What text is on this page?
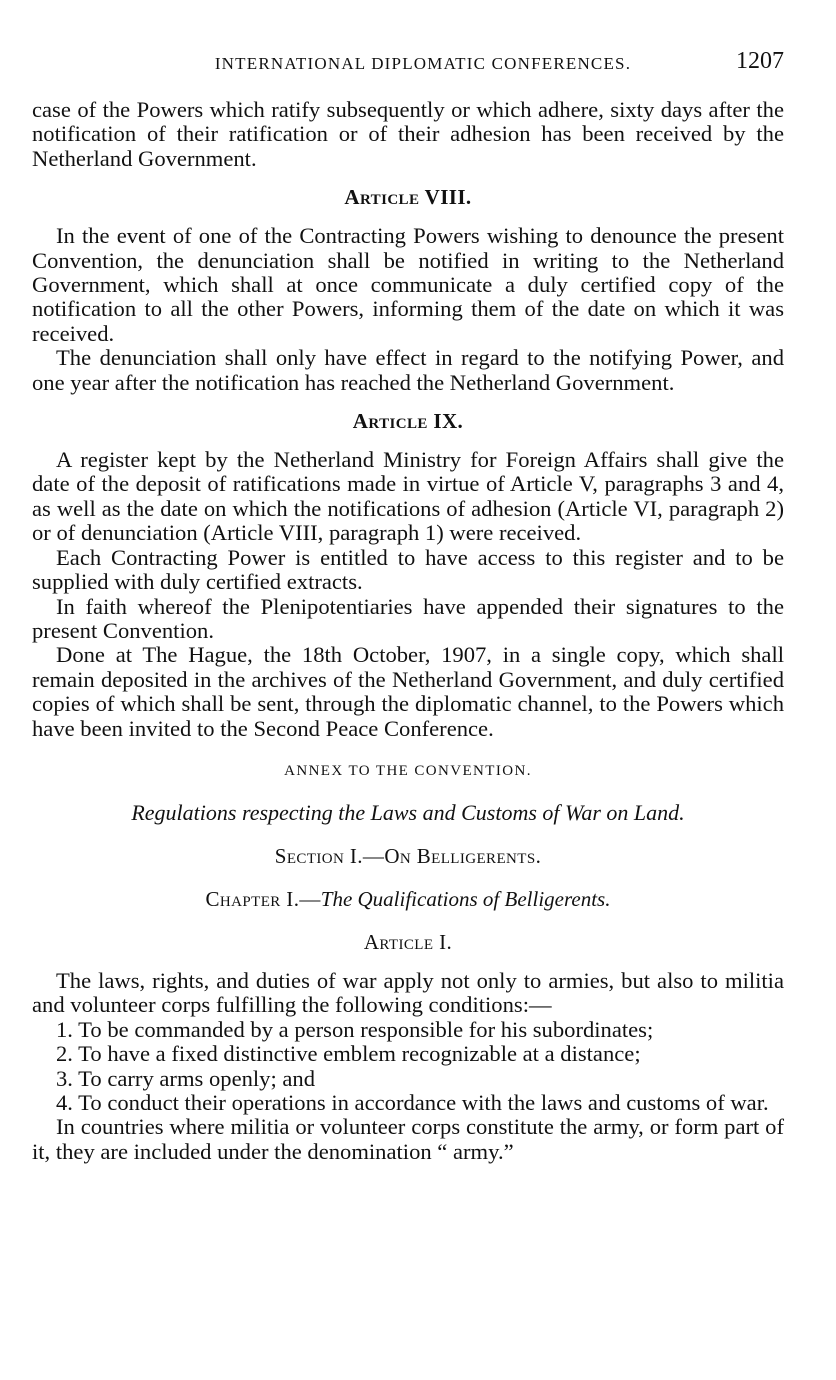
INTERNATIONAL DIPLOMATIC CONFERENCES.	1207

case of the Powers which ratify subsequently or which adhere, sixty days after the notification of their ratification or of their adhesion has been received by the Netherland Government.

Article VIII.

In the event of one of the Contracting Powers wishing to denounce the present Convention, the denunciation shall be notified in writing to the Netherland Government, which shall at once communicate a duly certified copy of the notification to all the other Powers, informing them of the date on which it was received.

The denunciation shall only have effect in regard to the notifying Power, and one year after the notification has reached the Netherland Government.

Article IX.

A register kept by the Netherland Ministry for Foreign Affairs shall give the date of the deposit of ratifications made in virtue of Article V, paragraphs 3 and 4, as well as the date on which the notifications of adhesion (Article VI, paragraph 2) or of denunciation (Article VIII, paragraph 1) were received.

Each Contracting Power is entitled to have access to this register and to be supplied with duly certified extracts.

In faith whereof the Plenipotentiaries have appended their signatures to the present Convention.

Done at The Hague, the 18th October, 1907, in a single copy, which shall remain deposited in the archives of the Netherland Government, and duly certified copies of which shall be sent, through the diplomatic channel, to the Powers which have been invited to the Second Peace Conference.

ANNEX TO THE CONVENTION.
Regulations respecting the Laws and Customs of War on Land.
Section I.—On Belligerents.
Chapter I.—The Qualifications of Belligerents.
Article I.

The laws, rights, and duties of war apply not only to armies, but also to militia and volunteer corps fulfilling the following conditions:—

1. To be commanded by a person responsible for his subordinates;

2. To have a fixed distinctive emblem recognizable at a distance;

3. To carry arms openly; and

4. To conduct their operations in accordance with the laws and customs of war.

In countries where militia or volunteer corps constitute the army, or form part of it, they are included under the denomination “ army.”
